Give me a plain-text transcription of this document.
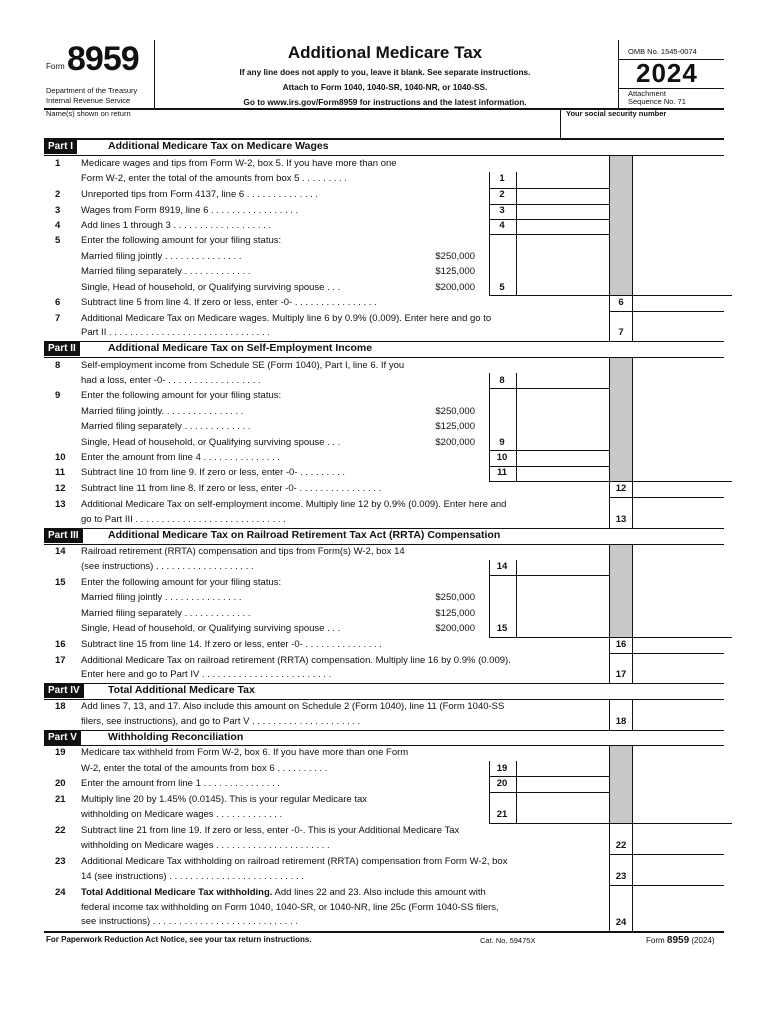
Form 8959
Department of the Treasury
Internal Revenue Service
Additional Medicare Tax
If any line does not apply to you, leave it blank. See separate instructions.
Attach to Form 1040, 1040-SR, 1040-NR, or 1040-SS.
Go to www.irs.gov/Form8959 for instructions and the latest information.
OMB No. 1545-0074
2024
Attachment
Sequence No. 71
Name(s) shown on return	Your social security number
Part I	Additional Medicare Tax on Medicare Wages
1 Medicare wages and tips from Form W-2, box 5. If you have more than one
Form W-2, enter the total of the amounts from box 5 . . . . . . . . .	1
2 Unreported tips from Form 4137, line 6 . . . . . . . . . . . . . .	2
3 Wages from Form 8919, line 6 . . . . . . . . . . . . . . . . .	3
4 Add lines 1 through 3 . . . . . . . . . . . . . . . . . . .	4
5 Enter the following amount for your filing status:
Married filing jointly . . . . . . . . . . . . . . .	$250,000
Married filing separately . . . . . . . . . . . . .	$125,000
Single, Head of household, or Qualifying surviving spouse . . .	$200,000	5
6 Subtract line 5 from line 4. If zero or less, enter -0- . . . . . . . . . . . . . . . .	6
7 Additional Medicare Tax on Medicare wages. Multiply line 6 by 0.9% (0.009). Enter here and go to
Part II . . . . . . . . . . . . . . . . . . . . . . . . . . . . . . .	7
Part II	Additional Medicare Tax on Self-Employment Income
8 Self-employment income from Schedule SE (Form 1040), Part I, line 6. If you
had a loss, enter -0- . . . . . . . . . . . . . . . . . .	8
9 Enter the following amount for your filing status:
Married filing jointly. . . . . . . . . . . . . . . .	$250,000
Married filing separately . . . . . . . . . . . . .	$125,000
Single, Head of household, or Qualifying surviving spouse . . .	$200,000	9
10 Enter the amount from line 4 . . . . . . . . . . . . . . .	10
11 Subtract line 10 from line 9. If zero or less, enter -0- . . . . . . . . .	11
12 Subtract line 11 from line 8. If zero or less, enter -0- . . . . . . . . . . . . . . . .	12
13 Additional Medicare Tax on self-employment income. Multiply line 12 by 0.9% (0.009). Enter here and
go to Part III . . . . . . . . . . . . . . . . . . . . . . . . . . . . .	13
Part III	Additional Medicare Tax on Railroad Retirement Tax Act (RRTA) Compensation
14 Railroad retirement (RRTA) compensation and tips from Form(s) W-2, box 14
(see instructions) . . . . . . . . . . . . . . . . . . .	14
15 Enter the following amount for your filing status:
Married filing jointly . . . . . . . . . . . . . . .	$250,000
Married filing separately . . . . . . . . . . . . .	$125,000
Single, Head of household, or Qualifying surviving spouse . . .	$200,000	15
16 Subtract line 15 from line 14. If zero or less, enter -0- . . . . . . . . . . . . . . .	16
17 Additional Medicare Tax on railroad retirement (RRTA) compensation. Multiply line 16 by 0.9% (0.009).
Enter here and go to Part IV . . . . . . . . . . . . . . . . . . . . . . . . .	17
Part IV	Total Additional Medicare Tax
18 Add lines 7, 13, and 17. Also include this amount on Schedule 2 (Form 1040), line 11 (Form 1040-SS
filers, see instructions), and go to Part V . . . . . . . . . . . . . . . . . . . . .	18
Part V	Withholding Reconciliation
19 Medicare tax withheld from Form W-2, box 6. If you have more than one Form
W-2, enter the total of the amounts from box 6 . . . . . . . . . .	19
20 Enter the amount from line 1 . . . . . . . . . . . . . . .	20
21 Multiply line 20 by 1.45% (0.0145). This is your regular Medicare tax
withholding on Medicare wages . . . . . . . . . . . . .	21
22 Subtract line 21 from line 19. If zero or less, enter -0-. This is your Additional Medicare Tax
withholding on Medicare wages . . . . . . . . . . . . . . . . . . . . . .	22
23 Additional Medicare Tax withholding on railroad retirement (RRTA) compensation from Form W-2, box
14 (see instructions) . . . . . . . . . . . . . . . . . . . . . . . . . .	23
24 Total Additional Medicare Tax withholding. Add lines 22 and 23. Also include this amount with
federal income tax withholding on Form 1040, 1040-SR, or 1040-NR, line 25c (Form 1040-SS filers,
see instructions) . . . . . . . . . . . . . . . . . . . . . . . . . . . .	24
For Paperwork Reduction Act Notice, see your tax return instructions.	Cat. No. 59475X	Form 8959 (2024)
